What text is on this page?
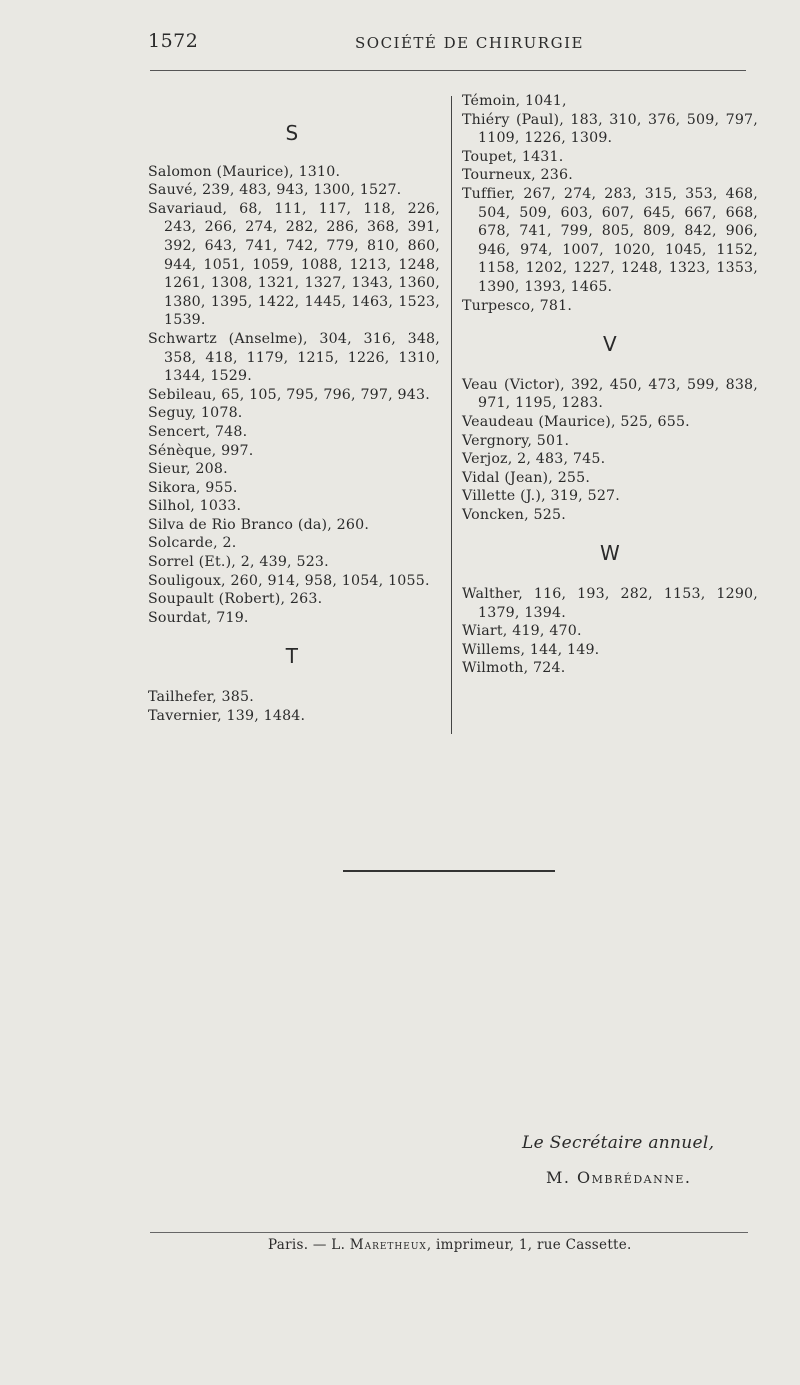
1572	SOCIÉTÉ DE CHIRURGIE
S
Salomon (Maurice), 1310.
Sauvé, 239, 483, 943, 1300, 1527.
Savariaud, 68, 111, 117, 118, 226, 243, 266, 274, 282, 286, 368, 391, 392, 643, 741, 742, 779, 810, 860, 944, 1051, 1059, 1088, 1213, 1248, 1261, 1308, 1321, 1327, 1343, 1360, 1380, 1395, 1422, 1445, 1463, 1523, 1539.
Schwartz (Anselme), 304, 316, 348, 358, 418, 1179, 1215, 1226, 1310, 1344, 1529.
Sebileau, 65, 105, 795, 796, 797, 943.
Seguy, 1078.
Sencert, 748.
Sénèque, 997.
Sieur, 208.
Sikora, 955.
Silhol, 1033.
Silva de Rio Branco (da), 260.
Solcarde, 2.
Sorrel (Et.), 2, 439, 523.
Souligoux, 260, 914, 958, 1054, 1055.
Soupault (Robert), 263.
Sourdat, 719.
T
Tailhefer, 385.
Tavernier, 139, 1484.
Témoin, 1041,
Thiéry (Paul), 183, 310, 376, 509, 797, 1109, 1226, 1309.
Toupet, 1431.
Tourneux, 236.
Tuffier, 267, 274, 283, 315, 353, 468, 504, 509, 603, 607, 645, 667, 668, 678, 741, 799, 805, 809, 842, 906, 946, 974, 1007, 1020, 1045, 1152, 1158, 1202, 1227, 1248, 1323, 1353, 1390, 1393, 1465.
Turpesco, 781.
V
Veau (Victor), 392, 450, 473, 599, 838, 971, 1195, 1283.
Veaudeau (Maurice), 525, 655.
Vergnory, 501.
Verjoz, 2, 483, 745.
Vidal (Jean), 255.
Villette (J.), 319, 527.
Voncken, 525.
W
Walther, 116, 193, 282, 1153, 1290, 1379, 1394.
Wiart, 419, 470.
Willems, 144, 149.
Wilmoth, 724.
Le Secrétaire annuel,
M. Ombrédanne.
Paris. — L. Maretheux, imprimeur, 1, rue Cassette.
